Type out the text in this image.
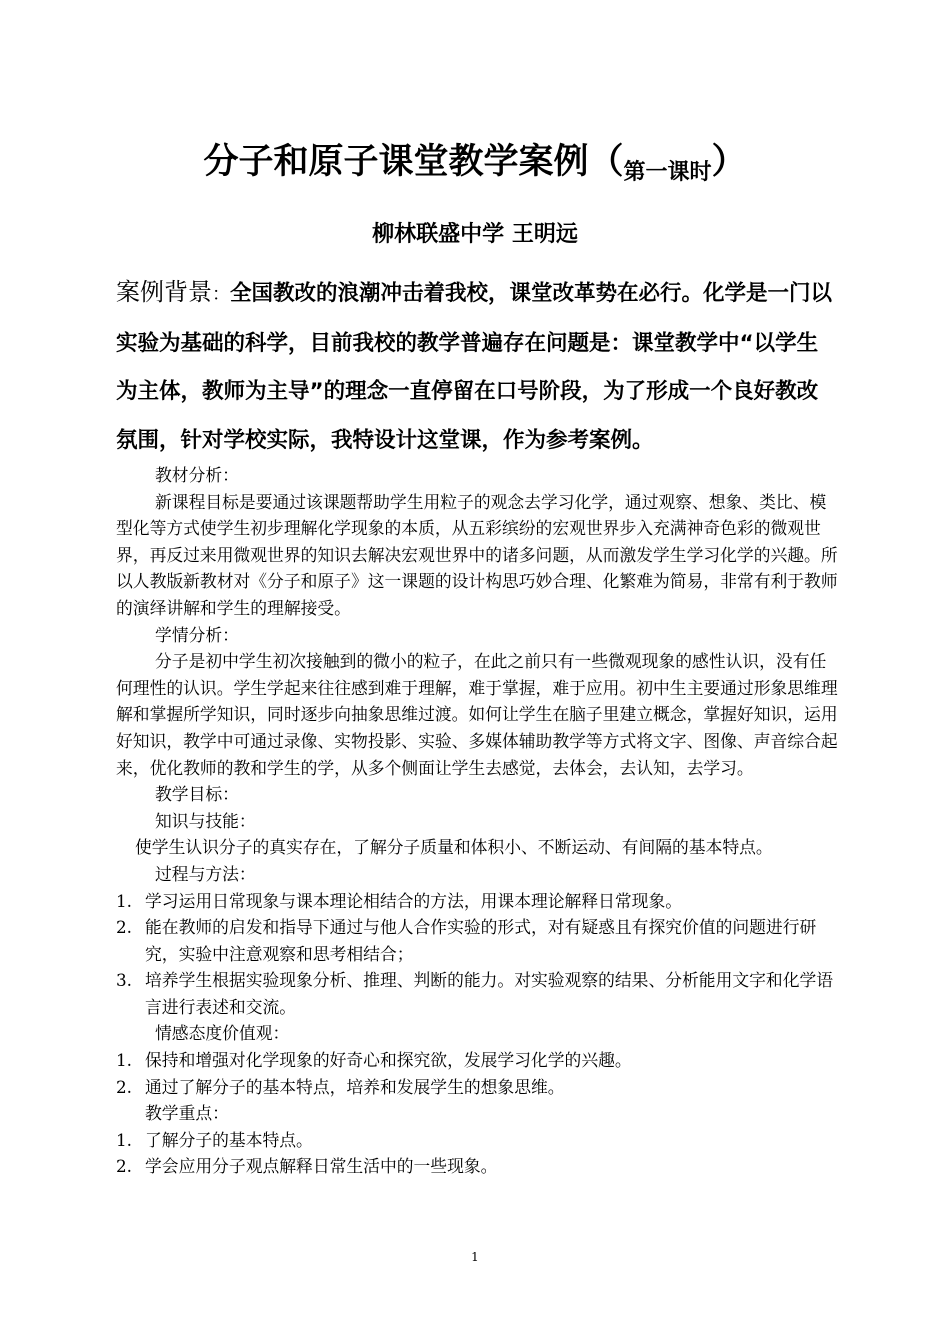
分子和原子课堂教学案例$(_{第一课时})$
柳林联盛中学 王明远
案例背景：全国教改的浪潮冲击着我校，课堂改革势在必行。化学是一门以实验为基础的科学，目前我校的教学普遍存在问题是：课堂教学中“以学生为主体，教师为主导”的理念一直停留在口号阶段，为了形成一个良好教改氛围，针对学校实际，我特设计这堂课，作为参考案例。

教材分析：

新课程目标是要通过该课题帮助学生用粒子的观念去学习化学，通过观察、想象、类比、模型化等方式使学生初步理解化学现象的本质，从五彩缤纷的宏观世界步入充满神奇色彩的微观世界，再反过来用微观世界的知识去解决宏观世界中的诸多问题，从而激发学生学习化学的兴趣。所以人教版新教材对《分子和原子》这一课题的设计构思巧妙合理、化繁难为简易，非常有利于教师的演绎讲解和学生的理解接受。

学情分析：

分子是初中学生初次接触到的微小的粒子，在此之前只有一些微观现象的感性认识，没有任何理性的认识。学生学起来往往感到难于理解，难于掌握，难于应用。初中生主要通过形象思维理解和掌握所学知识，同时逐步向抽象思维过渡。如何让学生在脑子里建立概念，掌握好知识，运用好知识，教学中可通过录像、实物投影、实验、多媒体辅助教学等方式将文字、图像、声音综合起来，优化教师的教和学生的学，从多个侧面让学生去感觉，去体会，去认知，去学习。

教学目标：

知识与技能：

使学生认识分子的真实存在，了解分子质量和体积小、不断运动、有间隔的基本特点。

过程与方法：

1. 学习运用日常现象与课本理论相结合的方法，用课本理论解释日常现象。

2. 能在教师的启发和指导下通过与他人合作实验的形式，对有疑惑且有探究价值的问题进行研究，实验中注意观察和思考相结合；

3. 培养学生根据实验现象分析、推理、判断的能力。对实验观察的结果、分析能用文字和化学语言进行表述和交流。

情感态度价值观：

1. 保持和增强对化学现象的好奇心和探究欲，发展学习化学的兴趣。

2. 通过了解分子的基本特点，培养和发展学生的想象思维。

教学重点：

1. 了解分子的基本特点。

2. 学会应用分子观点解释日常生活中的一些现象。

1
